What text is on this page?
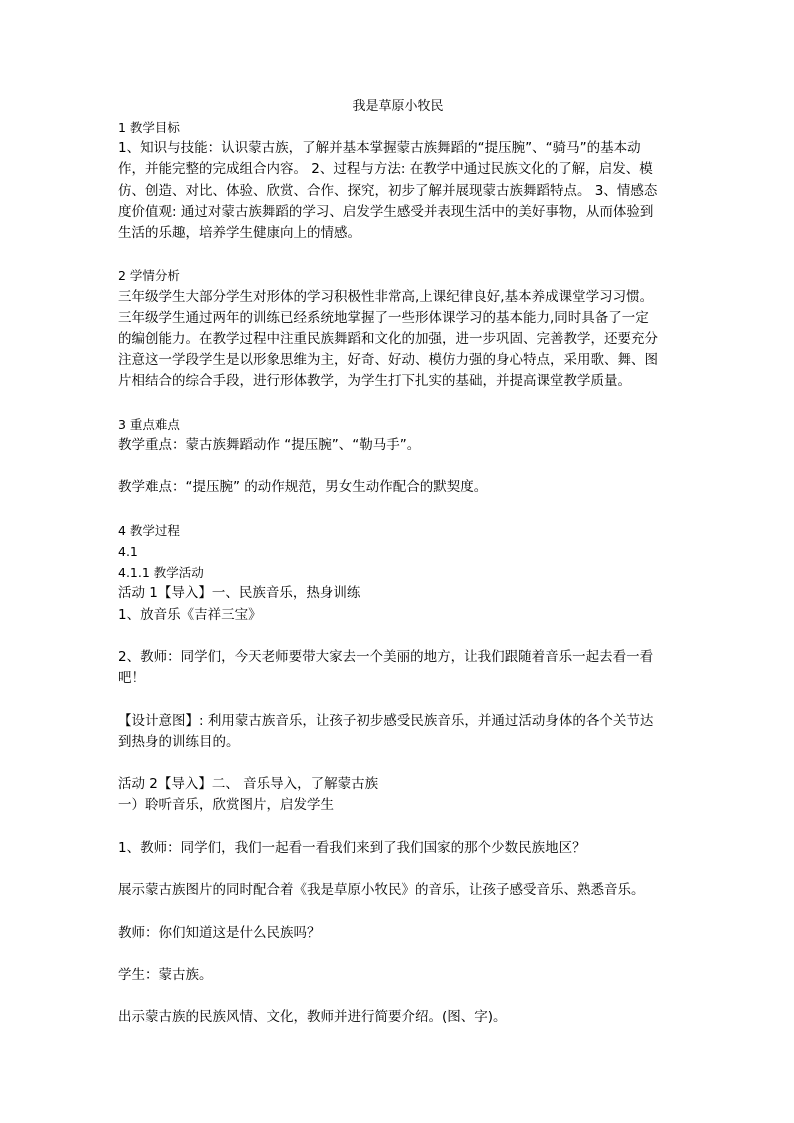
我是草原小牧民

1 教学目标

1、知识与技能：认识蒙古族，了解并基本掌握蒙古族舞蹈的“提压腕”、“骑马”的基本动

作，并能完整的完成组合内容。 2、过程与方法: 在教学中通过民族文化的了解，启发、模

仿、创造、对比、体验、欣赏、合作、探究，初步了解并展现蒙古族舞蹈特点。 3、情感态

度价值观: 通过对蒙古族舞蹈的学习、启发学生感受并表现生活中的美好事物，从而体验到

生活的乐趣，培养学生健康向上的情感。

2 学情分析

三年级学生大部分学生对形体的学习积极性非常高,上课纪律良好,基本养成课堂学习习惯。

三年级学生通过两年的训练已经系统地掌握了一些形体课学习的基本能力,同时具备了一定

的编创能力。在教学过程中注重民族舞蹈和文化的加强，进一步巩固、完善教学，还要充分

注意这一学段学生是以形象思维为主，好奇、好动、模仿力强的身心特点，采用歌、舞、图

片相结合的综合手段，进行形体教学，为学生打下扎实的基础，并提高课堂教学质量。

3 重点难点

教学重点：蒙古族舞蹈动作 “提压腕”、“勒马手”。

教学难点：“提压腕” 的动作规范，男女生动作配合的默契度。

4 教学过程

4.1

4.1.1 教学活动

活动 1【导入】一、民族音乐，热身训练

1、放音乐《吉祥三宝》

2、教师：同学们，今天老师要带大家去一个美丽的地方，让我们跟随着音乐一起去看一看

吧！

【设计意图】: 利用蒙古族音乐，让孩子初步感受民族音乐，并通过活动身体的各个关节达

到热身的训练目的。

活动 2【导入】二、 音乐导入，了解蒙古族

一）聆听音乐，欣赏图片，启发学生

1、教师：同学们，我们一起看一看我们来到了我们国家的那个少数民族地区？

展示蒙古族图片的同时配合着《我是草原小牧民》的音乐，让孩子感受音乐、熟悉音乐。

教师：你们知道这是什么民族吗？

学生：蒙古族。

出示蒙古族的民族风情、文化，教师并进行简要介绍。(图、字)。
